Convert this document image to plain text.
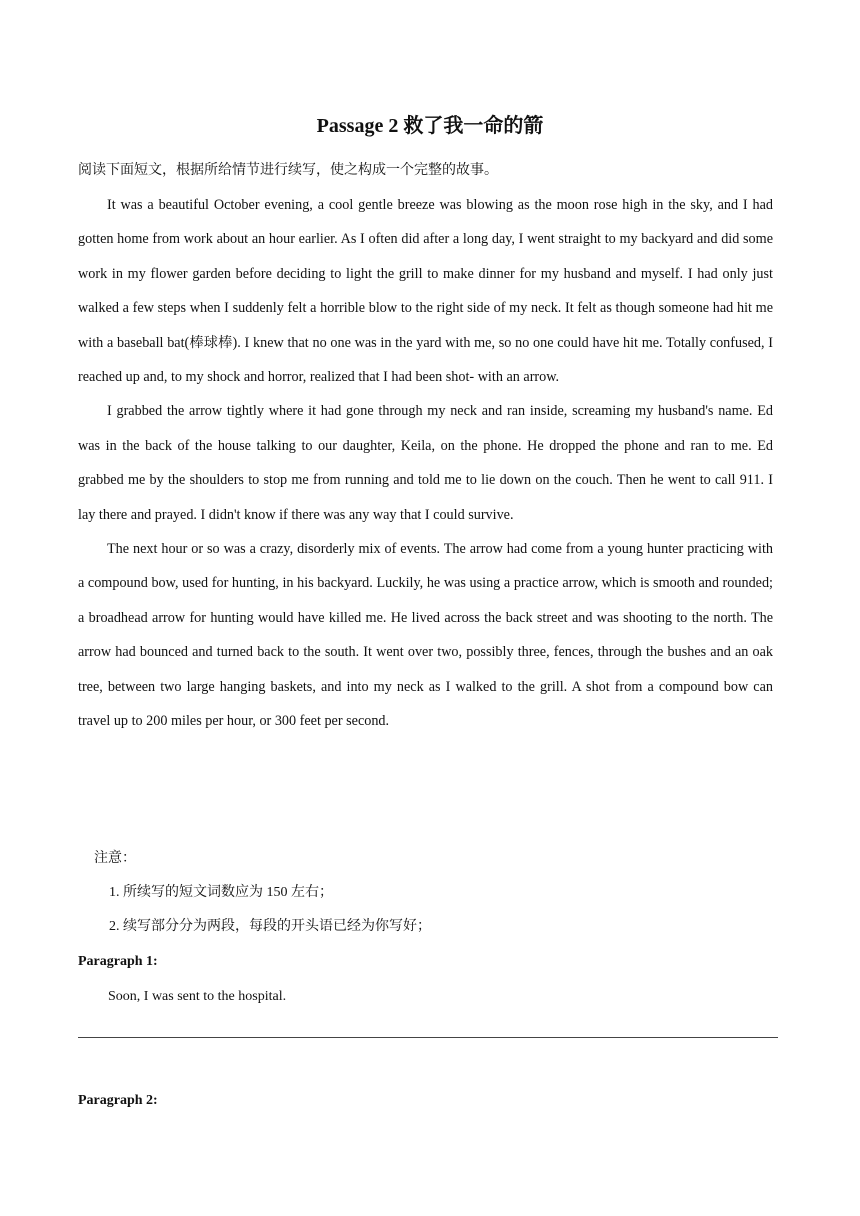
Passage 2 救了我一命的箭
阅读下面短文，根据所给情节进行续写，使之构成一个完整的故事。

It was a beautiful October evening, a cool gentle breeze was blowing as the moon rose high in the sky, and I had gotten home from work about an hour earlier. As I often did after a long day, I went straight to my backyard and did some work in my flower garden before deciding to light the grill to make dinner for my husband and myself. I had only just walked a few steps when I suddenly felt a horrible blow to the right side of my neck. It felt as though someone had hit me with a baseball bat(棒球棒). I knew that no one was in the yard with me, so no one could have hit me. Totally confused, I reached up and, to my shock and horror, realized that I had been shot- with an arrow.

I grabbed the arrow tightly where it had gone through my neck and ran inside, screaming my husband's name. Ed was in the back of the house talking to our daughter, Keila, on the phone. He dropped the phone and ran to me. Ed grabbed me by the shoulders to stop me from running and told me to lie down on the couch. Then he went to call 911. I lay there and prayed. I didn't know if there was any way that I could survive.

The next hour or so was a crazy, disorderly mix of events. The arrow had come from a young hunter practicing with a compound bow, used for hunting, in his backyard. Luckily, he was using a practice arrow, which is smooth and rounded; a broadhead arrow for hunting would have killed me. He lived across the back street and was shooting to the north. The arrow had bounced and turned back to the south. It went over two, possibly three, fences, through the bushes and an oak tree, between two large hanging baskets, and into my neck as I walked to the grill. A shot from a compound bow can travel up to 200 miles per hour, or 300 feet per second.

注意：
1. 所续写的短文词数应为 150 左右；
2. 续写部分分为两段，每段的开头语已经为你写好；
Paragraph 1:
Soon, I was sent to the hospital.
Paragraph 2:
